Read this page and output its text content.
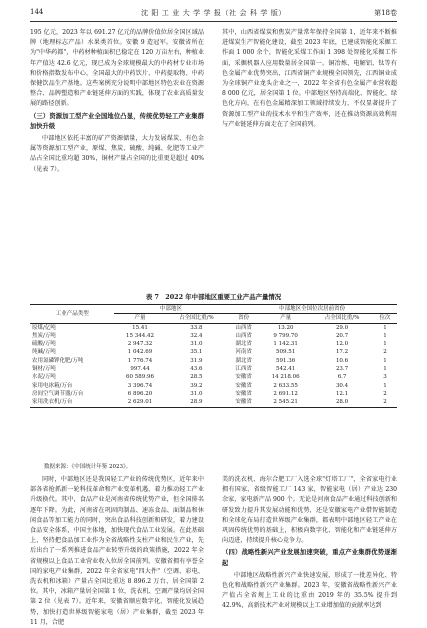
144	沈 阳 工 业 大 学 学 报（社 会 科 学 版）	第18卷

195 亿元，2023 年以 691.27 亿元的品牌价值位居全国区域品牌（地理标志产品）水果类首位。安徽 9 造冠军。安徽省所在为"中华药都"，中药材种植面积已稳定在 120 万亩左右，种植业年产值达 42.6 亿元，现已成为全球规模最大的中药材专业市场和价格指数发布中心，全国最大的中药饮片、中药提取物、中药保健饮品生产基地。这些案例充分说明中部地区特色农业在资源整合、品牌塑造和产业链延伸方面的实践，体现了农业高质量发展的路径创新。

（三）资源加工型产业全国地位凸显，传统优势轻工产业集群加快升级

中部地区依托丰富的矿产资源储量，大力发展煤炭、有色金属等资源加工型产业，原煤、焦炭、硫酸、纯碱、化肥等工业产品占全国比重均超 30%，铜材产量占全国的比重更是超过 40%（见表 7）。

其中，山西省煤炭和焦炭产量常年保持全国第 1，近年来不断推进煤炭生产智能化建设，截至 2023 年底，已建成智能化采掘工作面 1 000 余个，智能化采煤工作面 1 398 处智能化采掘工作面，采掘机器人应用数量居全国第一。铜冶炼、电解铝、钛等有色金属产业优势突出，江西省铜产业规模全国领先，江西铜业成为全球铜产业龙头企业之一，2022 年全省有色金属产业营收超 8 000 亿元，居全国第 1 位。中部地区坚持高端化、智能化、绿色化方向，在有色金属精深加工领域持续发力，不仅显著提升了资源加工型产业的技术水平和生产效率，还在推动资源高效利用与产业链延伸方面走在了全国前列。

表 7　2022 年中部地区重要工业产品产量情况
工业产品类型	中部地区		中部地区全国位次居前省份			
	产量	占全国比重/%	省份	产量	占全国比重/%	位次
原煤/亿吨	15.41	33.8	山西省	13.20	29.0	1
焦炭/万吨	15 344.42	32.4	山西省	9 799.70	20.7	1
硫酸/万吨	2 947.32	31.0	湖北省	1 142.31	12.0	1
纯碱/万吨	1 042.69	35.1	河南省	509.51	17.2	2
农用氮磷钾化肥/万吨	1 776.74	31.9	湖北省	591.36	10.6	1
铜材/万吨	997.44	43.6	江西省	542.41	23.7	1
水泥/万吨	60 589.96	28.5	安徽省	14 218.06	6.7	3
家用电冰箱/万台	3 396.74	39.2	安徽省	2 633.55	30.4	1
房间空气调节器/万台	6 896.20	31.0	安徽省	2 691.12	12.1	2
家用洗衣机/万台	2 629.01	28.9	安徽省	2 545.21	28.0	2
数据来源：《中国统计年鉴 2023》。

同时，中部地区还是我国轻工产业的传统优势区，近年来中部各省抢抓新一轮科技革命和产业变革机遇，着力推动轻工产业升级换代。其中，食品产业是河南省传统优势产业，但全国排名逐年下降。为此，河南省在巩固肉制品、速冻食品、面制品和休闲食品等加工能力的同时，突出食品科技创新和研发，着力建设食品安全体系，中国主体地，加快现代食品工业发展。在此基础上，坚持把食品加工业作为全省战略性支柱产业和民生产业，先后出台了一系列推进食品产业转型升级的政策措施，2022 年全省规模以上食品工业营业收入位居全国前列。安徽省拥有享誉全国的家电产业集群，2022 年全省家电"四大件"（空调、彩电、洗衣机和冰箱）产量占全国比重达 8 896.2 万台，居全国第 2 位。其中，冰箱产量居全国第 1 位，洗衣机、空调产量均居全国第 2 位（见表 7）。近年来，安徽省顺应数字化、智能化发展趋势，加快打造世界级智能家电（居）产业集群，截至 2023 年 11 月，合肥

美的洗衣机、海尔合肥工厂入选全球"灯塔工厂"，全省家电行业拥有国家、省级智能工厂 143 家，智能家电（居）产业达 230 余家，家电新产品 900 个。无论是河南食品产业通过科技创新和研发致力提升其发展动能和优势，还是安徽家电产业借智能制造和全球化布局打造世界级产业集群，都表明中部地区轻工产业在巩固传统优势的基础上，积极向数字化、智能化和产业链延伸方向迈进，持续提升核心竞争力。

（四）战略性新兴产业发展加速突破，重点产业集群优势逐渐起

中部地区战略性新兴产业快速发展，形成了一批差异化、特色化和战略性新兴产业集群。2023 年，安徽省战略性新兴产业产值占全省规上工业的比重由 2019 年的 35.5% 提升到 42.9%，高新技术产业对规模以上工业增加值的贡献率达到
